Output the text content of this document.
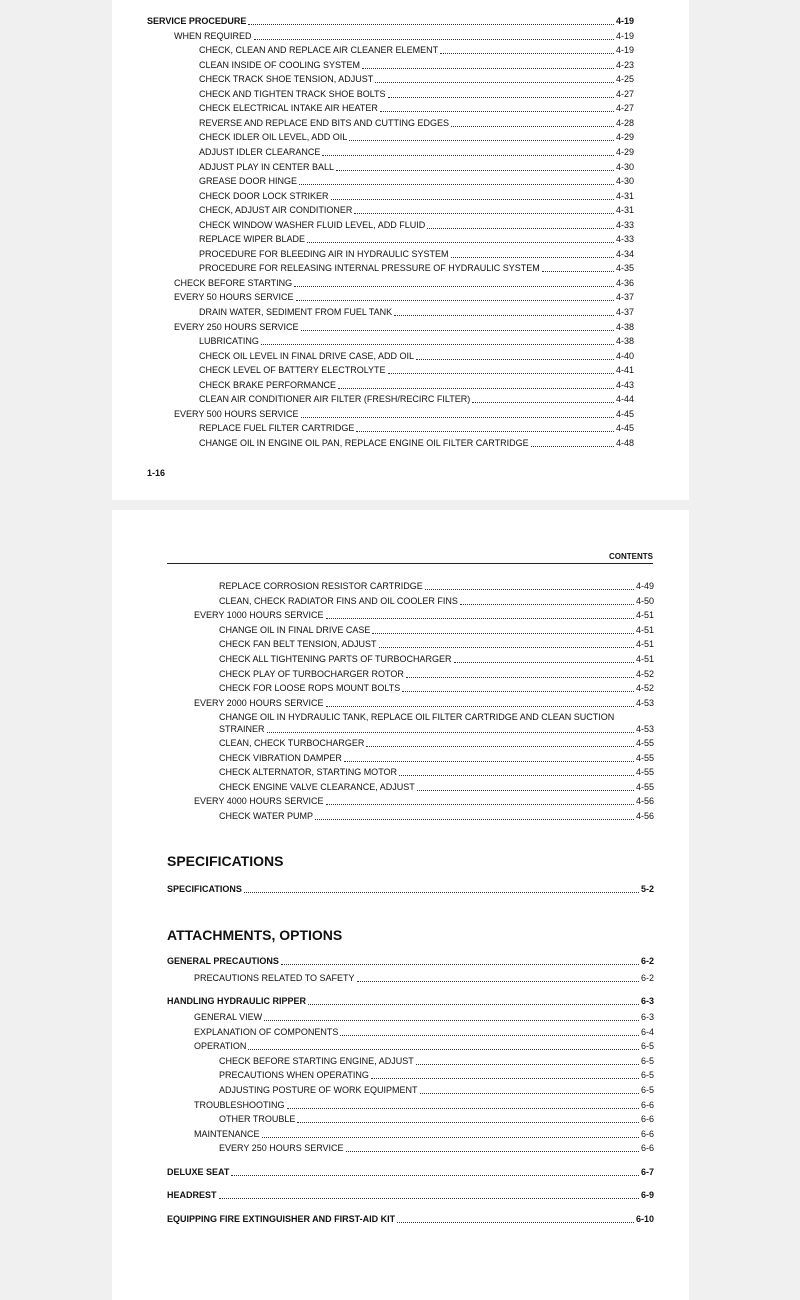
SERVICE PROCEDURE	4-19
WHEN REQUIRED	4-19
CHECK, CLEAN AND REPLACE AIR CLEANER ELEMENT	4-19
CLEAN INSIDE OF COOLING SYSTEM	4-23
CHECK TRACK SHOE TENSION, ADJUST	4-25
CHECK AND TIGHTEN TRACK SHOE BOLTS	4-27
CHECK ELECTRICAL INTAKE AIR HEATER	4-27
REVERSE AND REPLACE END BITS AND CUTTING EDGES	4-28
CHECK IDLER OIL LEVEL, ADD OIL	4-29
ADJUST IDLER CLEARANCE	4-29
ADJUST PLAY IN CENTER BALL	4-30
GREASE DOOR HINGE	4-30
CHECK DOOR LOCK STRIKER	4-31
CHECK, ADJUST AIR CONDITIONER	4-31
CHECK WINDOW WASHER FLUID LEVEL, ADD FLUID	4-33
REPLACE WIPER BLADE	4-33
PROCEDURE FOR BLEEDING AIR IN HYDRAULIC SYSTEM	4-34
PROCEDURE FOR RELEASING INTERNAL PRESSURE OF HYDRAULIC SYSTEM	4-35
CHECK BEFORE STARTING	4-36
EVERY 50 HOURS SERVICE	4-37
DRAIN WATER, SEDIMENT FROM FUEL TANK	4-37
EVERY 250 HOURS SERVICE	4-38
LUBRICATING	4-38
CHECK OIL LEVEL IN FINAL DRIVE CASE, ADD OIL	4-40
CHECK LEVEL OF BATTERY ELECTROLYTE	4-41
CHECK BRAKE PERFORMANCE	4-43
CLEAN AIR CONDITIONER AIR FILTER (FRESH/RECIRC FILTER)	4-44
EVERY 500 HOURS SERVICE	4-45
REPLACE FUEL FILTER CARTRIDGE	4-45
CHANGE OIL IN ENGINE OIL PAN, REPLACE ENGINE OIL FILTER CARTRIDGE	4-48
1-16
CONTENTS
SPECIFICATIONS
ATTACHMENTS, OPTIONS
REPLACE CORROSION RESISTOR CARTRIDGE	4-49
CLEAN, CHECK RADIATOR FINS AND OIL COOLER FINS	4-50
EVERY 1000 HOURS SERVICE	4-51
CHANGE OIL IN FINAL DRIVE CASE	4-51
CHECK FAN BELT TENSION, ADJUST	4-51
CHECK ALL TIGHTENING PARTS OF TURBOCHARGER	4-51
CHECK PLAY OF TURBOCHARGER ROTOR	4-52
CHECK FOR LOOSE ROPS MOUNT BOLTS	4-52
EVERY 2000 HOURS SERVICE	4-53
CHANGE OIL IN HYDRAULIC TANK, REPLACE OIL FILTER CARTRIDGE AND CLEAN SUCTION
STRAINER	4-53
CLEAN, CHECK TURBOCHARGER	4-55
CHECK VIBRATION DAMPER	4-55
CHECK ALTERNATOR, STARTING MOTOR	4-55
CHECK ENGINE VALVE CLEARANCE, ADJUST	4-55
EVERY 4000 HOURS SERVICE	4-56
CHECK WATER PUMP	4-56
SPECIFICATIONS	5-2
GENERAL PRECAUTIONS	6-2
PRECAUTIONS RELATED TO SAFETY	6-2
HANDLING HYDRAULIC RIPPER	6-3
GENERAL VIEW	6-3
EXPLANATION OF COMPONENTS	6-4
OPERATION	6-5
CHECK BEFORE STARTING ENGINE, ADJUST	6-5
PRECAUTIONS WHEN OPERATING	6-5
ADJUSTING POSTURE OF WORK EQUIPMENT	6-5
TROUBLESHOOTING	6-6
OTHER TROUBLE	6-6
MAINTENANCE	6-6
EVERY 250 HOURS SERVICE	6-6
DELUXE SEAT	6-7
HEADREST	6-9
EQUIPPING FIRE EXTINGUISHER AND FIRST-AID KIT	6-10
